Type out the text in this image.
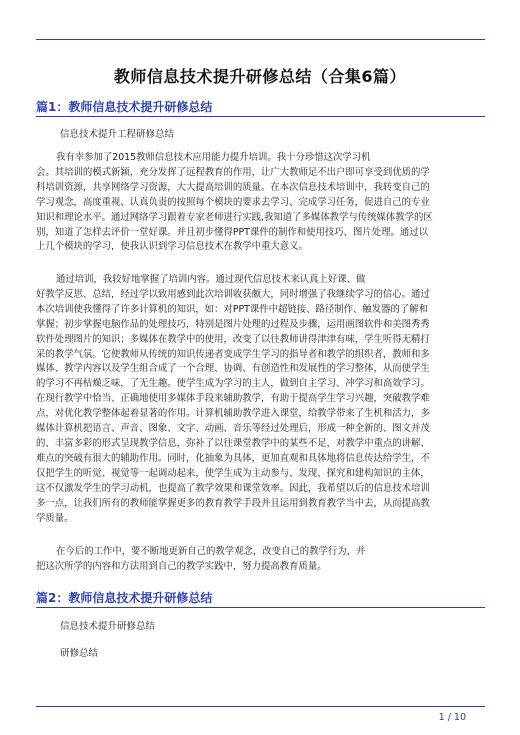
教师信息技术提升研修总结（合集6篇）
篇1：教师信息技术提升研修总结

信息技术提升工程研修总结

我有幸参加了2015教师信息技术应用能力提升培训。我十分珍惜这次学习机
会。其培训的模式新颖，充分发挥了远程教育的作用，让广大教师足不出户即可享受到优质的学
科培训资源，共享网络学习资源，大大提高培训的质量。在本次信息技术培训中，我转变自己的
学习观念，高度重视、认真负责的按照每个模块的要求去学习、完成学习任务，促进自己的专业
知识和理论水平。通过网络学习跟着专家老师进行实践,我知道了多媒体教学与传统媒体教学的区
别，知道了怎样去评价一堂好课。并且初步懂得PPT课件的制作和使用技巧、图片处理。通过以
上几个模块的学习，使我认识到学习信息技术在教学中重大意义。
通过培训，我较好地掌握了培训内容。通过现代信息技术来认真上好课、做
好教学反思、总结，经过学以致用感到此次培训收获颇大，同时增强了我继续学习的信心。通过
本次培训使我懂得了许多计算机的知识，如：对PPT课件中超链接、路径制作、触发器的了解和
掌握；初步掌握电脑作品的处理技巧，特别是图片处理的过程及步骤，运用画图软件和美图秀秀
软件处理图片的知识；多媒体在教学中的使用，改变了以往教师讲得津津有味，学生听得无精打
采的教学气氛。它使教师从传统的知识传递者变成学生学习的指导者和教学的组织者，教师和多
媒体、教学内容以及学生组合成了一个合理、协调、有创造性和发展性的学习整体，从而使学生
的学习不再枯燥乏味，了无生趣。使学生成为学习的主人，做到自主学习、冲学习和高效学习。
在现行教学中恰当、正确地使用多媒体手段来辅助教学，有助于提高学生学习兴趣，突破教学难
点，对优化教学整体起着显著的作用。计算机辅助教学进入课堂，给教学带来了生机和活力，多
媒体计算机把语言、声音、图象、文字、动画、音乐等经过处理后，形成一种全新的、图文并茂
的、丰富多彩的形式呈现教学信息，弥补了以往课堂教学中的某些不足，对教学中重点的讲解、
难点的突破有很大的辅助作用。同时，化抽象为具体，更加直观和具体地将信息传达给学生，不
仅把学生的听觉、视觉等一起调动起来，使学生成为主动参与、发现、探究和建构知识的主体，
这不仅激发学生的学习动机，也提高了教学效果和课堂效率。因此，我希望以后的信息技术培训
多一点，让我们所有的教师能掌握更多的教育教学手段并且运用到教育教学当中去，从而提高教
学质量。
在今后的工作中，要不断地更新自己的教学观念，改变自己的教学行为，并
把这次所学的内容和方法用到自己的教学实践中，努力提高教育质量。
篇2：教师信息技术提升研修总结

信息技术提升研修总结

研修总结

1 / 10
